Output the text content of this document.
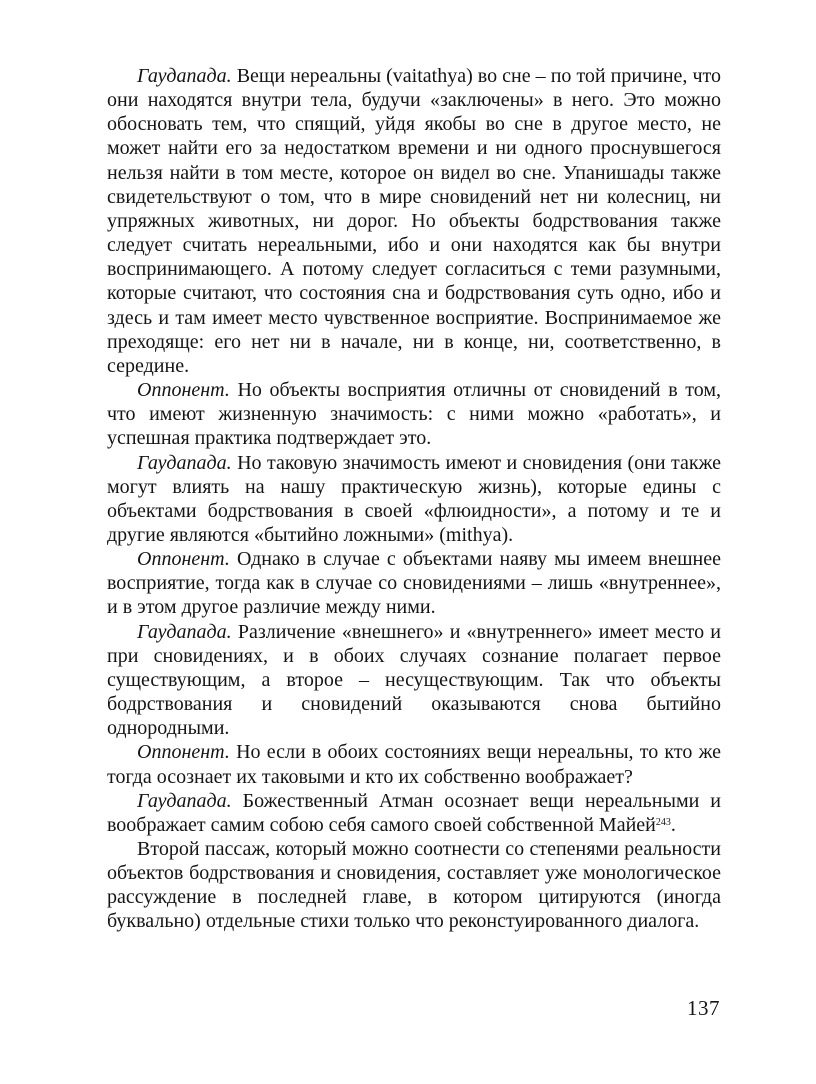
Гаудапада. Вещи нереальны (vaitathya) во сне – по той причине, что они находятся внутри тела, будучи «заключены» в него. Это можно обосновать тем, что спящий, уйдя якобы во сне в другое место, не может найти его за недостатком времени и ни одного проснувшегося нельзя найти в том месте, которое он видел во сне. Упанишады также свидетельствуют о том, что в мире сновидений нет ни колесниц, ни упряжных животных, ни дорог. Но объекты бодрствования также следует считать нереальными, ибо и они находятся как бы внутри воспринимающего. А потому следует согласиться с теми разумными, которые считают, что состояния сна и бодрствования суть одно, ибо и здесь и там имеет место чувственное восприятие. Воспринимаемое же преходяще: его нет ни в начале, ни в конце, ни, соответственно, в середине.

Оппонент. Но объекты восприятия отличны от сновидений в том, что имеют жизненную значимость: с ними можно «работать», и успешная практика подтверждает это.

Гаудапада. Но таковую значимость имеют и сновидения (они также могут влиять на нашу практическую жизнь), которые едины с объектами бодрствования в своей «флюидности», а потому и те и другие являются «бытийно ложными» (mithya).

Оппонент. Однако в случае с объектами наяву мы имеем внешнее восприятие, тогда как в случае со сновидениями – лишь «внутреннее», и в этом другое различие между ними.

Гаудапада. Различение «внешнего» и «внутреннего» имеет место и при сновидениях, и в обоих случаях сознание полагает первое существующим, а второе – несуществующим. Так что объекты бодрствования и сновидений оказываются снова бытийно однородными.

Оппонент. Но если в обоих состояниях вещи нереальны, то кто же тогда осознает их таковыми и кто их собственно воображает?

Гаудапада. Божественный Атман осознает вещи нереальными и воображает самим собою себя самого своей собственной Майей$^{243}$.

Второй пассаж, который можно соотнести со степенями реальности объектов бодрствования и сновидения, составляет уже монологическое рассуждение в последней главе, в котором цитируются (иногда буквально) отдельные стихи только что реконстуированного диалога.

137
